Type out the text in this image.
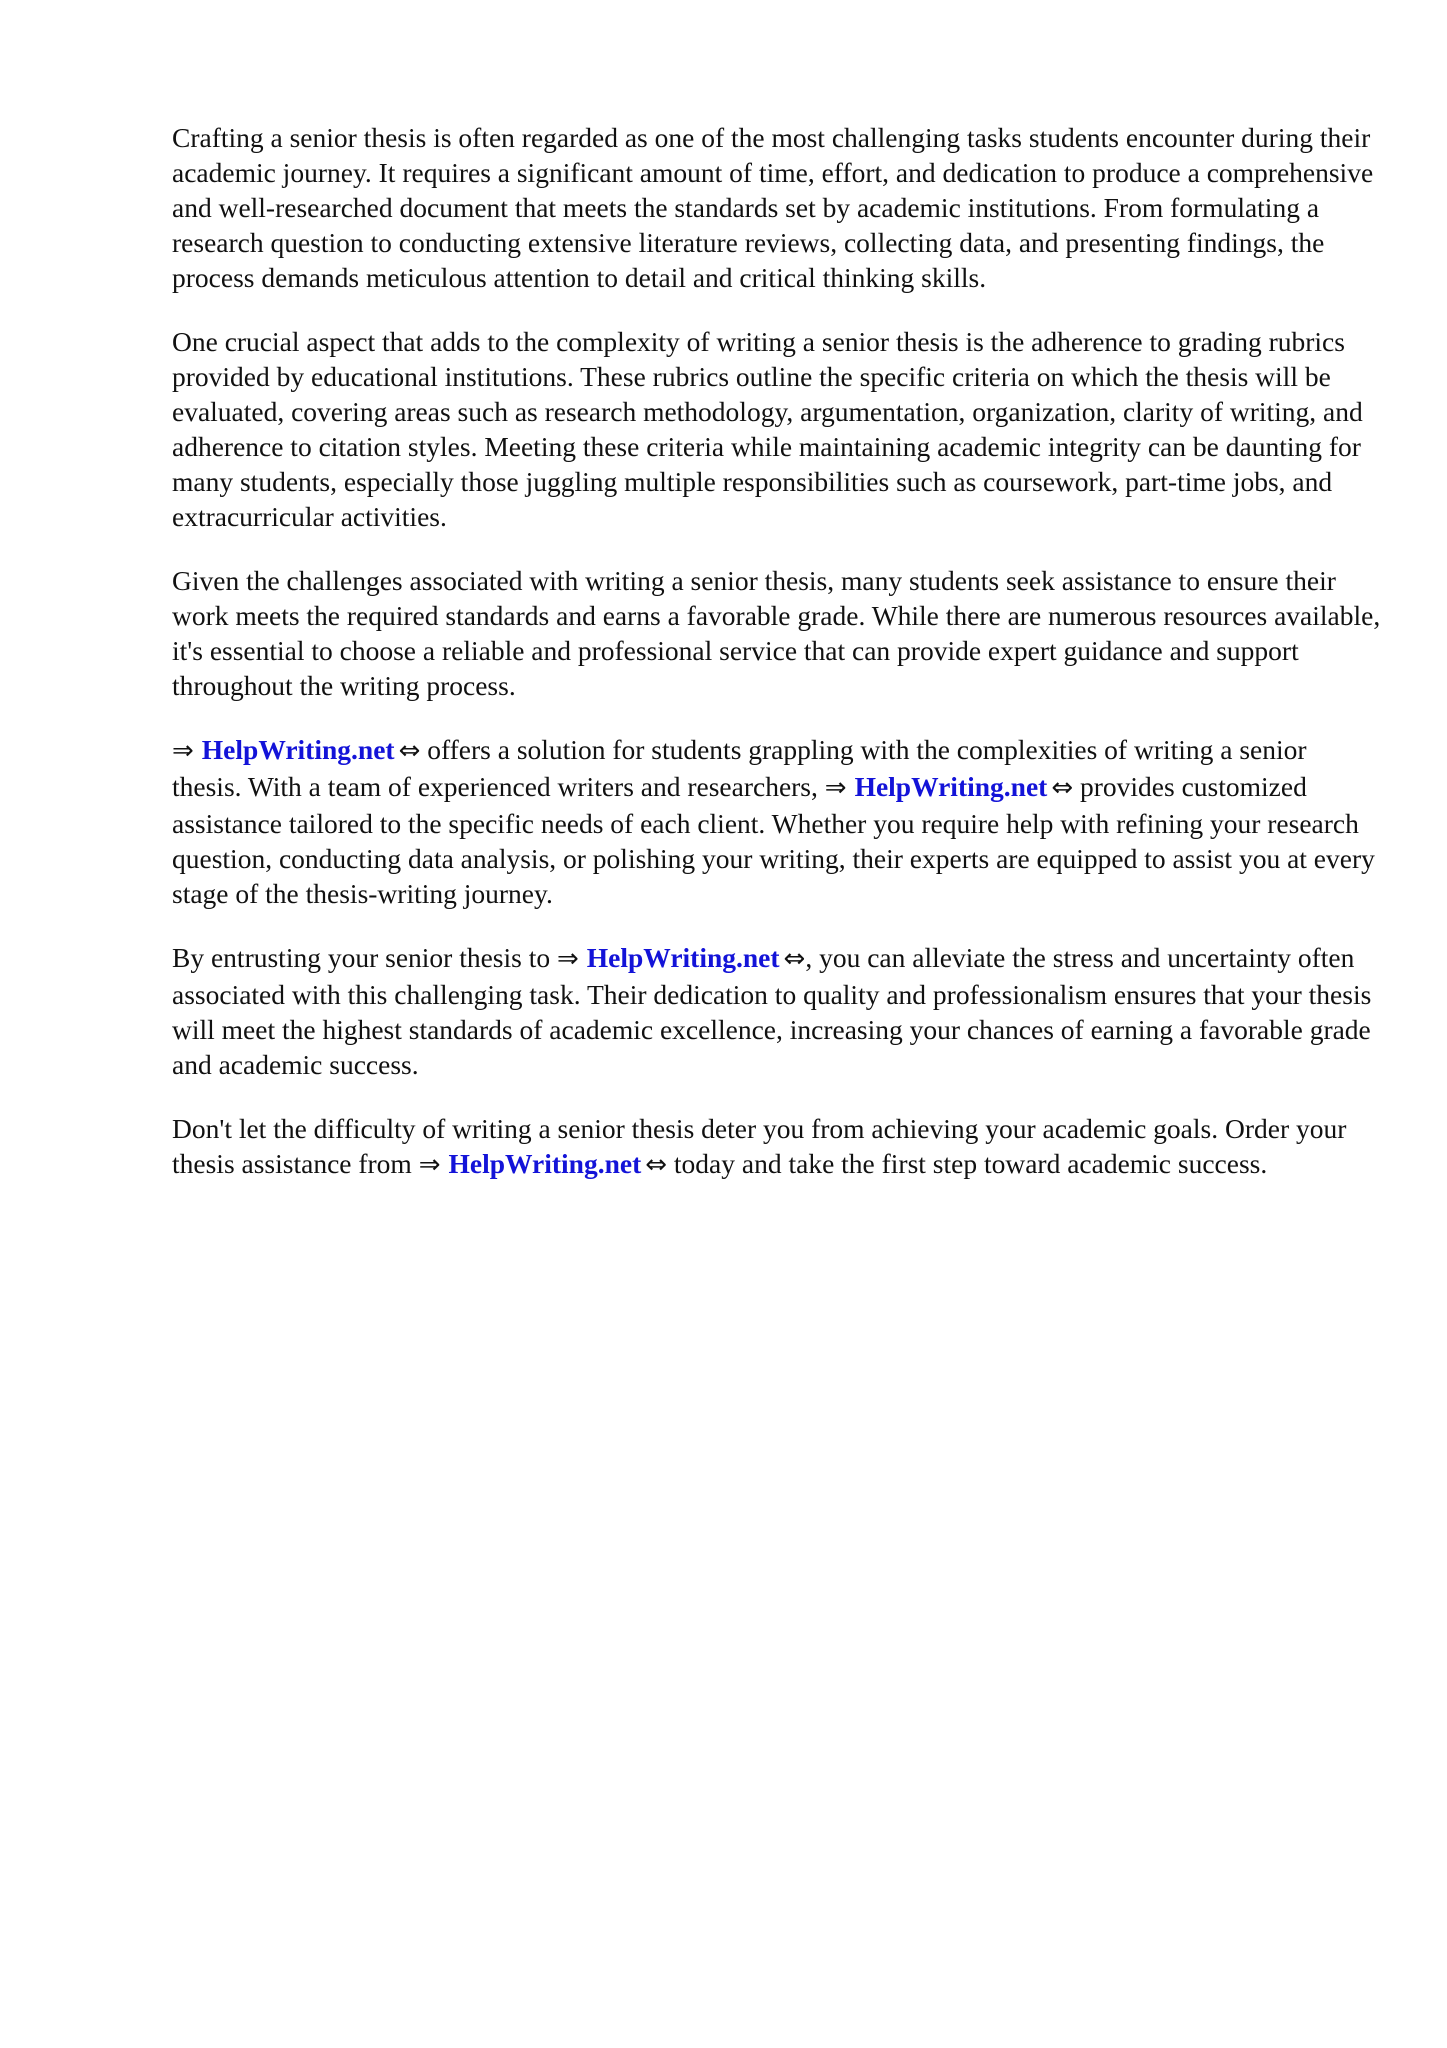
Crafting a senior thesis is often regarded as one of the most challenging tasks students encounter during their academic journey. It requires a significant amount of time, effort, and dedication to produce a comprehensive and well-researched document that meets the standards set by academic institutions. From formulating a research question to conducting extensive literature reviews, collecting data, and presenting findings, the process demands meticulous attention to detail and critical thinking skills.

One crucial aspect that adds to the complexity of writing a senior thesis is the adherence to grading rubrics provided by educational institutions. These rubrics outline the specific criteria on which the thesis will be evaluated, covering areas such as research methodology, argumentation, organization, clarity of writing, and adherence to citation styles. Meeting these criteria while maintaining academic integrity can be daunting for many students, especially those juggling multiple responsibilities such as coursework, part-time jobs, and extracurricular activities.

Given the challenges associated with writing a senior thesis, many students seek assistance to ensure their work meets the required standards and earns a favorable grade. While there are numerous resources available, it's essential to choose a reliable and professional service that can provide expert guidance and support throughout the writing process.

⇒ HelpWriting.net ⇔ offers a solution for students grappling with the complexities of writing a senior thesis. With a team of experienced writers and researchers, ⇒ HelpWriting.net ⇔ provides customized assistance tailored to the specific needs of each client. Whether you require help with refining your research question, conducting data analysis, or polishing your writing, their experts are equipped to assist you at every stage of the thesis-writing journey.

By entrusting your senior thesis to ⇒ HelpWriting.net ⇔, you can alleviate the stress and uncertainty often associated with this challenging task. Their dedication to quality and professionalism ensures that your thesis will meet the highest standards of academic excellence, increasing your chances of earning a favorable grade and academic success.

Don't let the difficulty of writing a senior thesis deter you from achieving your academic goals. Order your thesis assistance from ⇒ HelpWriting.net ⇔ today and take the first step toward academic success.
